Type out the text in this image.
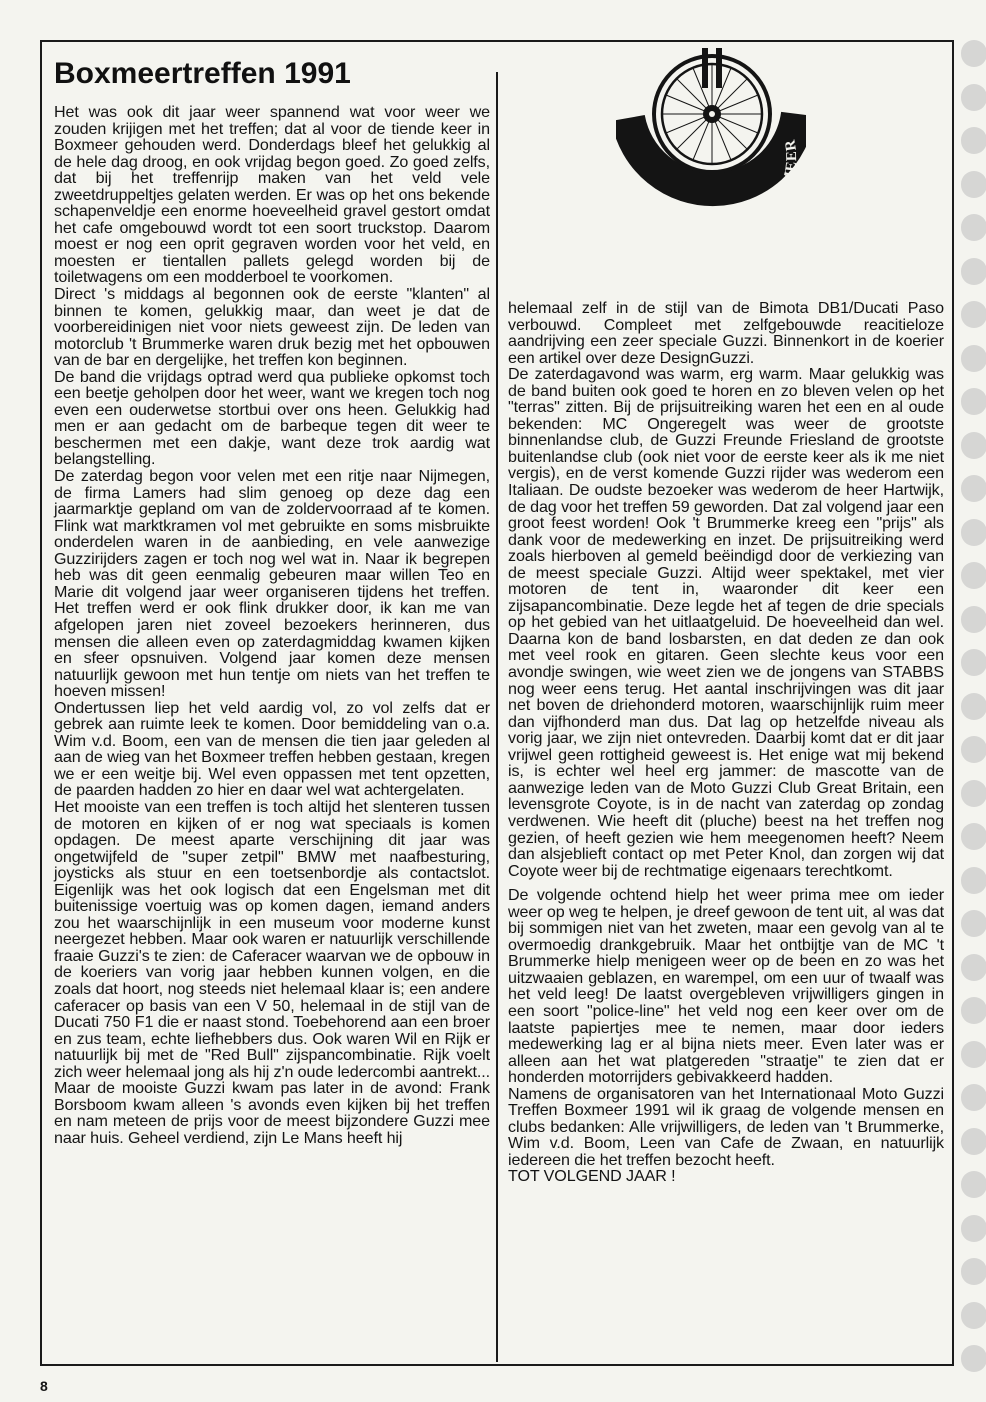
Boxmeertreffen 1991

Het was ook dit jaar weer spannend wat voor weer we zouden krijigen met het treffen; dat al voor de tiende keer in Boxmeer gehouden werd. Donderdags bleef het gelukkig al de hele dag droog, en ook vrijdag begon goed. Zo goed zelfs, dat bij het treffenrijp maken van het veld vele zweetdruppeltjes gelaten werden. Er was op het ons bekende schapenveldje een enorme hoeveelheid gravel gestort omdat het cafe omgebouwd wordt tot een soort truckstop. Daarom moest er nog een oprit gegraven worden voor het veld, en moesten er tientallen pallets gelegd worden bij de toiletwagens om een modderboel te voorkomen.

Direct 's middags al begonnen ook de eerste "klanten" al binnen te komen, gelukkig maar, dan weet je dat de voorbereidinigen niet voor niets geweest zijn. De leden van motorclub 't Brummerke waren druk bezig met het opbouwen van de bar en dergelijke, het treffen kon beginnen.

De band die vrijdags optrad werd qua publieke opkomst toch een beetje geholpen door het weer, want we kregen toch nog even een ouderwetse stortbui over ons heen. Gelukkig had men er aan gedacht om de barbeque tegen dit weer te beschermen met een dakje, want deze trok aardig wat belangstelling.

De zaterdag begon voor velen met een ritje naar Nijmegen, de firma Lamers had slim genoeg op deze dag een jaarmarktje gepland om van de zoldervoorraad af te komen. Flink wat marktkramen vol met gebruikte en soms misbruikte onderdelen waren in de aanbieding, en vele aanwezige Guzzirijders zagen er toch nog wel wat in. Naar ik begrepen heb was dit geen eenmalig gebeuren maar willen Teo en Marie dit volgend jaar weer organiseren tijdens het treffen. Het treffen werd er ook flink drukker door, ik kan me van afgelopen jaren niet zoveel bezoekers herinneren, dus mensen die alleen even op zaterdagmiddag kwamen kijken en sfeer opsnuiven. Volgend jaar komen deze mensen natuurlijk gewoon met hun tentje om niets van het treffen te hoeven missen!

Ondertussen liep het veld aardig vol, zo vol zelfs dat er gebrek aan ruimte leek te komen. Door bemiddeling van o.a. Wim v.d. Boom, een van de mensen die tien jaar geleden al aan de wieg van het Boxmeer treffen hebben gestaan, kregen we er een weitje bij. Wel even oppassen met tent opzetten, de paarden hadden zo hier en daar wel wat achtergelaten.

Het mooiste van een treffen is toch altijd het slenteren tussen de motoren en kijken of er nog wat speciaals is komen opdagen. De meest aparte verschijning dit jaar was ongetwijfeld de "super zetpil" BMW met naafbesturing, joysticks als stuur en een toetsenbordje als contactslot. Eigenlijk was het ook logisch dat een Engelsman met dit buitenissige voertuig was op komen dagen, iemand anders zou het waarschijnlijk in een museum voor moderne kunst neergezet hebben. Maar ook waren er natuurlijk verschillende fraaie Guzzi's te zien: de Caferacer waarvan we de opbouw in de koeriers van vorig jaar hebben kunnen volgen, en die zoals dat hoort, nog steeds niet helemaal klaar is; een andere caferacer op basis van een V 50, helemaal in de stijl van de Ducati 750 F1 die er naast stond. Toebehorend aan een broer en zus team, echte liefhebbers dus. Ook waren Wil en Rijk er natuurlijk bij met de "Red Bull" zijspancombinatie. Rijk voelt zich weer helemaal jong als hij z'n oude ledercombi aantrekt... Maar de mooiste Guzzi kwam pas later in de avond: Frank Borsboom kwam alleen 's avonds even kijken bij het treffen en nam meteen de prijs voor de meest bijzondere Guzzi mee naar huis. Geheel verdiend, zijn Le Mans heeft hij

GUZZI TREFFEN BOXMEER

helemaal zelf in de stijl van de Bimota DB1/Ducati Paso verbouwd. Compleet met zelfgebouwde reacitieloze aandrijving een zeer speciale Guzzi. Binnenkort in de koerier een artikel over deze DesignGuzzi.

De zaterdagavond was warm, erg warm. Maar gelukkig was de band buiten ook goed te horen en zo bleven velen op het "terras" zitten. Bij de prijsuitreiking waren het een en al oude bekenden: MC Ongeregelt was weer de grootste binnenlandse club, de Guzzi Freunde Friesland de grootste buitenlandse club (ook niet voor de eerste keer als ik me niet vergis), en de verst komende Guzzi rijder was wederom een Italiaan. De oudste bezoeker was wederom de heer Hartwijk, de dag voor het treffen 59 geworden. Dat zal volgend jaar een groot feest worden! Ook 't Brummerke kreeg een "prijs" als dank voor de medewerking en inzet. De prijsuitreiking werd zoals hierboven al gemeld beëindigd door de verkiezing van de meest speciale Guzzi. Altijd weer spektakel, met vier motoren de tent in, waaronder dit keer een zijsapancombinatie. Deze legde het af tegen de drie specials op het gebied van het uitlaatgeluid. De hoeveelheid dan wel. Daarna kon de band losbarsten, en dat deden ze dan ook met veel rook en gitaren. Geen slechte keus voor een avondje swingen, wie weet zien we de jongens van STABBS nog weer eens terug. Het aantal inschrijvingen was dit jaar net boven de driehonderd motoren, waarschijnlijk ruim meer dan vijfhonderd man dus. Dat lag op hetzelfde niveau als vorig jaar, we zijn niet ontevreden. Daarbij komt dat er dit jaar vrijwel geen rottigheid geweest is. Het enige wat mij bekend is, is echter wel heel erg jammer: de mascotte van de aanwezige leden van de Moto Guzzi Club Great Britain, een levensgrote Coyote, is in de nacht van zaterdag op zondag verdwenen. Wie heeft dit (pluche) beest na het treffen nog gezien, of heeft gezien wie hem meegenomen heeft? Neem dan alsjeblieft contact op met Peter Knol, dan zorgen wij dat Coyote weer bij de rechtmatige eigenaars terechtkomt.

De volgende ochtend hielp het weer prima mee om ieder weer op weg te helpen, je dreef gewoon de tent uit, al was dat bij sommigen niet van het zweten, maar een gevolg van al te overmoedig drankgebruik. Maar het ontbijtje van de MC 't Brummerke hielp menigeen weer op de been en zo was het uitzwaaien geblazen, en warempel, om een uur of twaalf was het veld leeg! De laatst overgebleven vrijwilligers gingen in een soort "police-line" het veld nog een keer over om de laatste papiertjes mee te nemen, maar door ieders medewerking lag er al bijna niets meer. Even later was er alleen aan het wat platgereden "straatje" te zien dat er honderden motorrijders gebivakkeerd hadden.

Namens de organisatoren van het Internationaal Moto Guzzi Treffen Boxmeer 1991 wil ik graag de volgende mensen en clubs bedanken: Alle vrijwilligers, de leden van 't Brummerke, Wim v.d. Boom, Leen van Cafe de Zwaan, en natuurlijk iedereen die het treffen bezocht heeft.

TOT VOLGEND JAAR !

8
